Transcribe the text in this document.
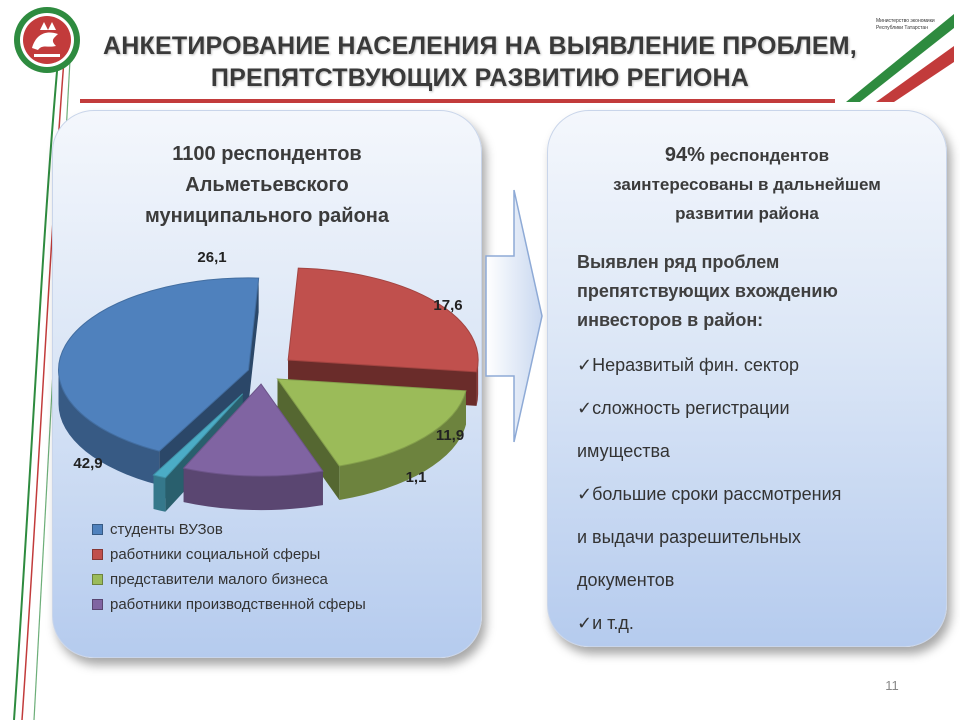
Министерство экономики
Республики Татарстан
АНКЕТИРОВАНИЕ НАСЕЛЕНИЯ НА ВЫЯВЛЕНИЕ ПРОБЛЕМ,
ПРЕПЯТСТВУЮЩИХ РАЗВИТИЮ РЕГИОНА
1100 респондентов
Альметьевского
муниципального района
42,9
26,1
17,6
11,9
1,1
студенты ВУЗов
работники социальной сферы
представители малого бизнеса
работники производственной сферы
94% респондентов
заинтересованы в дальнейшем
развитии района
Выявлен ряд проблем
препятствующих вхождению
инвесторов в район:
✓Неразвитый фин. сектор
✓сложность регистрации
имущества
✓большие сроки рассмотрения
и выдачи разрешительных
документов
✓и т.д.
11
